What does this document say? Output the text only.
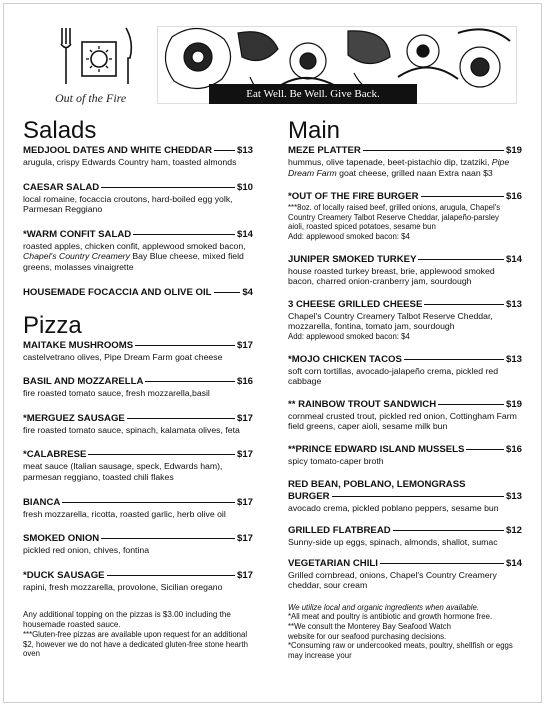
Out of the Fire	Eat Well. Be Well. Give Back.
Salads
MEDJOOL DATES AND WHITE CHEDDAR	$13
arugula, crispy Edwards Country ham, toasted almonds
CAESAR SALAD	$10
local romaine, focaccia croutons, hard-boiled egg yolk,
Parmesan Reggiano
*WARM CONFIT SALAD	$14
roasted apples, chicken confit, applewood smoked bacon,
Chapel's Country Creamery Bay Blue cheese, mixed field
greens, molasses vinaigrette
HOUSEMADE FOCACCIA AND OLIVE OIL	$4
Pizza
MAITAKE MUSHROOMS	$17
castelvetrano olives, Pipe Dream Farm goat cheese
BASIL AND MOZZARELLA	$16
fire roasted tomato sauce, fresh mozzarella,basil
*MERGUEZ SAUSAGE	$17
fire roasted tomato sauce, spinach, kalamata olives, feta
*CALABRESE	$17
meat sauce (Italian sausage, speck, Edwards ham),
parmesan reggiano, toasted chili flakes
BIANCA	$17
fresh mozzarella, ricotta, roasted garlic, herb olive oil
SMOKED ONION	$17
pickled red onion, chives, fontina
*DUCK SAUSAGE	$17
rapini, fresh mozzarella, provolone, Sicilian oregano
Any additional topping on the pizzas is $3.00 including the
housemade roasted sauce.
***Gluten-free pizzas are available upon request for an additional
$2, however we do not have a dedicated gluten-free stone hearth
oven
Main
MEZE PLATTER	$19
hummus, olive tapenade, beet-pistachio dip, tzatziki, Pipe
Dream Farm goat cheese, grilled naan Extra naan $3
*OUT OF THE FIRE BURGER	$16
***8oz. of locally raised beef, grilled onions, arugula, Chapel's
Country Creamery Talbot Reserve Cheddar, jalapeño-parsley
aioli, roasted spiced potatoes, sesame bun
Add: applewood smoked bacon: $4
JUNIPER SMOKED TURKEY	$14
house roasted turkey breast, brie, applewood smoked
bacon, charred onion-cranberry jam, sourdough
3 CHEESE GRILLED CHEESE	$13
Chapel's Country Creamery Talbot Reserve Cheddar,
mozzarella, fontina, tomato jam, sourdough
Add: applewood smoked bacon: $4
*MOJO CHICKEN TACOS	$13
soft corn tortillas, avocado-jalapeño crema, pickled red
cabbage
** RAINBOW TROUT SANDWICH	$19
cornmeal crusted trout, pickled red onion, Cottingham Farm
field greens, caper aioli, sesame milk bun
**PRINCE EDWARD ISLAND MUSSELS	$16
spicy tomato-caper broth
RED BEAN, POBLANO, LEMONGRASS
BURGER	$13
avocado crema, pickled poblano peppers, sesame bun
GRILLED FLATBREAD	$12
Sunny-side up eggs, spinach, almonds, shallot, sumac
VEGETARIAN CHILI	$14
Grilled cornbread, onions, Chapel's Country Creamery
cheddar, sour cream
We utilize local and organic ingredients when available.
*All meat and poultry is antibiotic and growth hormone free.
**We consult the Monterey Bay Seafood Watch
website for our seafood purchasing decisions.
*Consuming raw or undercooked meats, poultry, shellfish or eggs
may increase your
